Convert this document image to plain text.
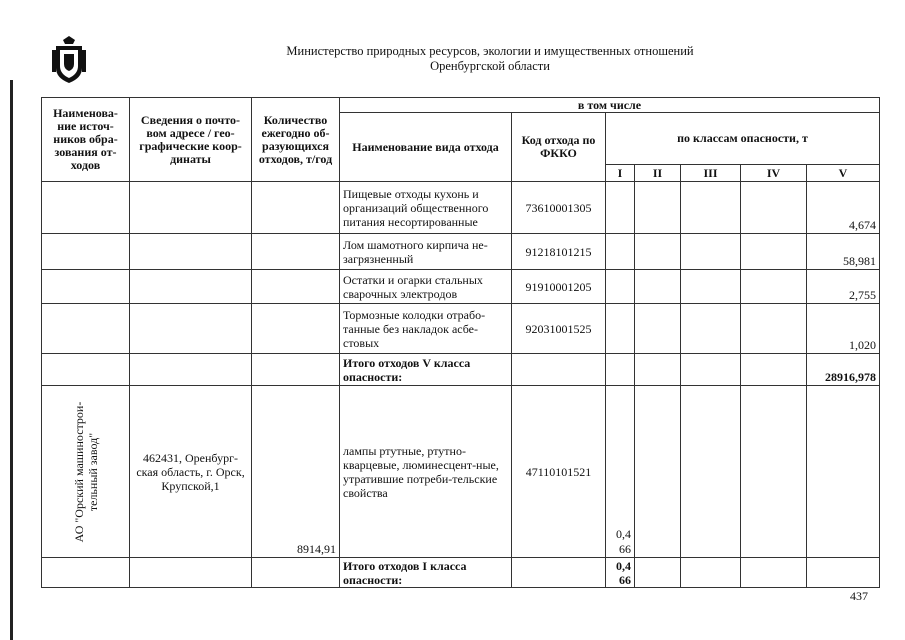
Министерство природных ресурсов, экологии и имущественных отношений
Оренбургской области
Наименова-ние источ-ников обра-зования от-ходов	Сведения о почто-вом адресе / гео-графические коор-динаты	Количество ежегодно об-разующихся отходов, т/год	в том числе						
			Наименование вида отхода	Код отхода по ФККО	по классам опасности, т				
					I	II	III	IV	V
			Пищевые отходы кухонь и организаций общественного питания несортированные	73610001305					4,674
			Лом шамотного кирпича не-загрязненный	91218101215					58,981
			Остатки и огарки стальных сварочных электродов	91910001205					2,755
			Тормозные колодки отрабо-танные без накладок асбе-стовых	92031001525					1,020
			Итого отходов V класса опасности:						28916,978

АО "Орский машинострои-тельный завод"	462431, Оренбург-ская область, г. Орск, Крупской,1	8914,91	лампы ртутные, ртутно-кварцевые, люминесцент-ные, утратившие потреби-тельские свойства	47110101521	0,4 66				
			Итого отходов I класса опасности:		0,4 66				
437
